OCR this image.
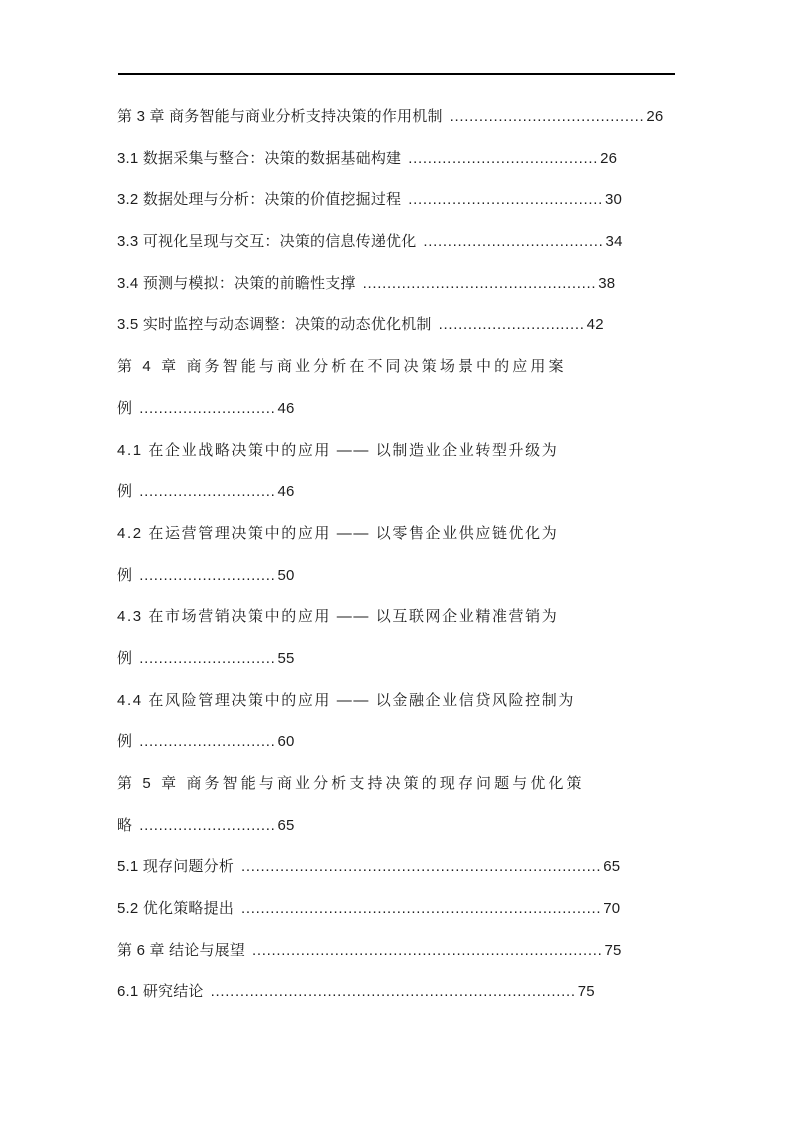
第 3 章 商务智能与商业分析支持决策的作用机制 ........................................ 26
3.1 数据采集与整合：决策的数据基础构建 ....................................... 26
3.2 数据处理与分析：决策的价值挖掘过程 ........................................ 30
3.3 可视化呈现与交互：决策的信息传递优化 ..................................... 34
3.4 预测与模拟：决策的前瞻性支撑 ................................................ 38
3.5 实时监控与动态调整：决策的动态优化机制 .............................. 42
第 4 章 商务智能与商业分析在不同决策场景中的应用案
例 ............................ 46
4.1 在企业战略决策中的应用 —— 以制造业企业转型升级为
例 ............................ 46
4.2 在运营管理决策中的应用 —— 以零售企业供应链优化为
例 ............................ 50
4.3 在市场营销决策中的应用 —— 以互联网企业精准营销为
例 ............................ 55
4.4 在风险管理决策中的应用 —— 以金融企业信贷风险控制为
例 ............................ 60
第 5 章 商务智能与商业分析支持决策的现存问题与优化策
略 ............................ 65
5.1 现存问题分析 .......................................................................... 65
5.2 优化策略提出 .......................................................................... 70
第 6 章 结论与展望 ........................................................................ 75
6.1 研究结论 ........................................................................... 75
